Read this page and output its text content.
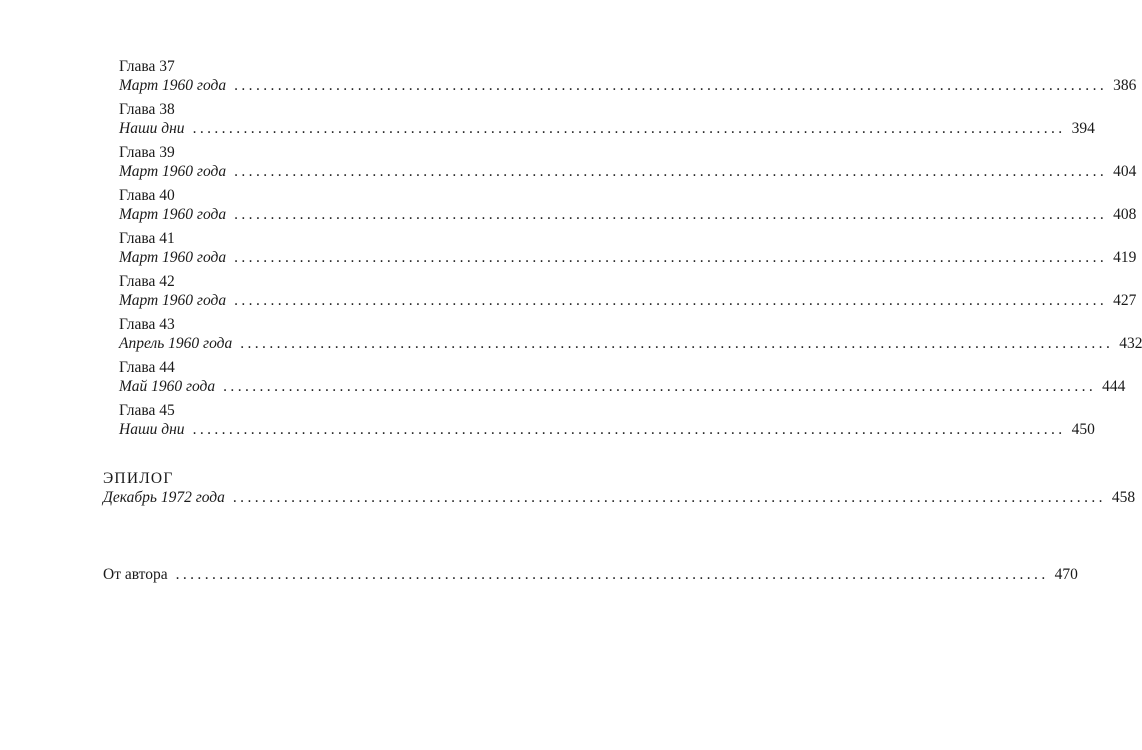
Глава 37
Март 1960 года ........................................................................................................................ 386
Глава 38
Наши дни ........................................................................................................................ 394
Глава 39
Март 1960 года ........................................................................................................................ 404
Глава 40
Март 1960 года ........................................................................................................................ 408
Глава 41
Март 1960 года ........................................................................................................................ 419
Глава 42
Март 1960 года ........................................................................................................................ 427
Глава 43
Апрель 1960 года ........................................................................................................................ 432
Глава 44
Май 1960 года ........................................................................................................................ 444
Глава 45
Наши дни ........................................................................................................................ 450
ЭПИЛОГ
Декабрь 1972 года ........................................................................................................................ 458
От автора ........................................................................................................................ 470
